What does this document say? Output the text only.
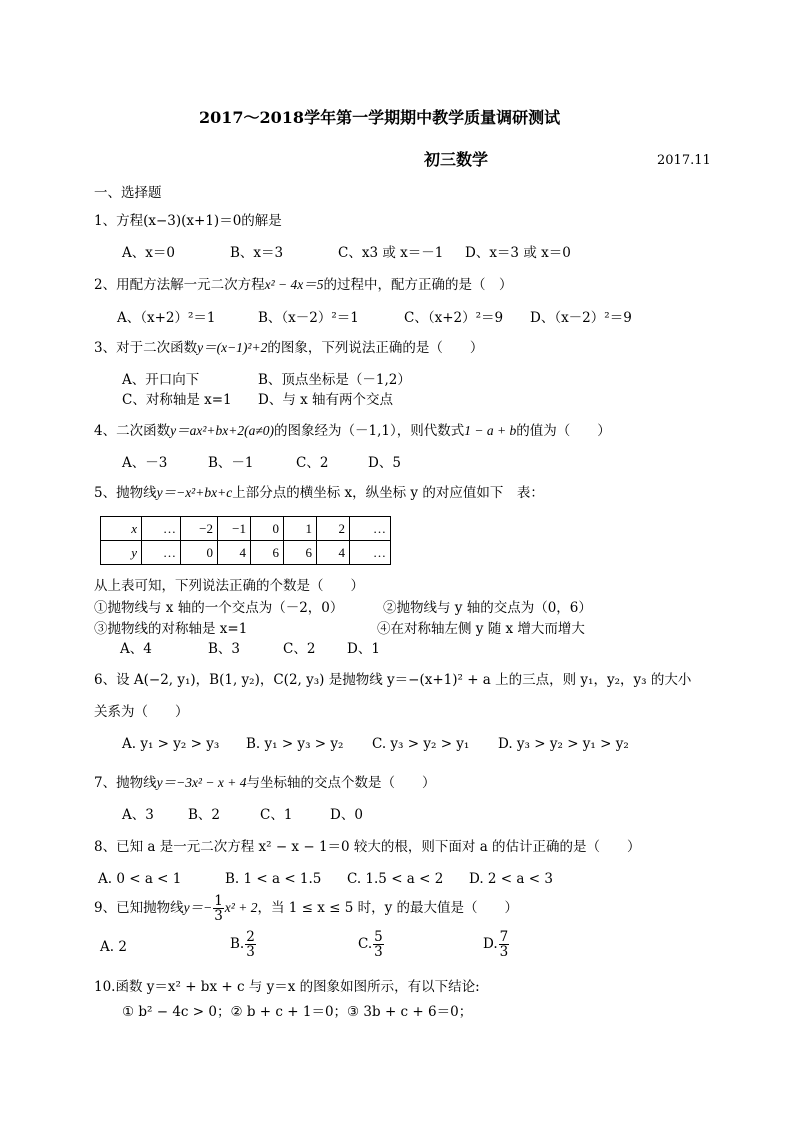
2017～2018学年第一学期期中教学质量调研测试
初三数学	2017.11
一、选择题
1、方程(x−3)(x+1)＝0的解是
A、x＝0	B、x＝3	C、x3 或 x＝－1 D、x＝3 或 x＝0
2、用配方法解一元二次方程x² − 4x＝5的过程中，配方正确的是（　）
A、（x+2）²＝1	B、（x－2）²＝1	C、（x+2）²＝9 D、（x－2）²＝9
3、对于二次函数y＝(x−1)²+2的图象，下列说法正确的是（　　）
A、开口向下	B、顶点坐标是（－1,2）
C、对称轴是 x=1 D、与 x 轴有两个交点
4、二次函数y＝ax²+bx+2(a≠0)的图象经为（－1,1），则代数式1 − a + b的值为（　　）
A、－3	B、－1	C、2	D、5
5、抛物线y＝−x²+bx+c上部分点的横坐标 x，纵坐标 y 的对应值如下　表：
x	…	−2	−1	0	1	2	…
y	…	0	4	6	6	4	…
从上表可知，下列说法正确的个数是（　　）
①抛物线与 x 轴的一个交点为（－2，0）	②抛物线与 y 轴的交点为（0，6）
③抛物线的对称轴是 x=1	④在对称轴左侧 y 随 x 增大而增大
A、4	B、3	C、2 D、1
6、设 A(−2, y₁)，B(1, y₂)，C(2, y₃) 是抛物线 y＝−(x+1)² + a 上的三点，则 y₁，y₂，y₃ 的大小
关系为（　　）
A. y₁ > y₂ > y₃ B. y₁ > y₃ > y₂ C. y₃ > y₂ > y₁ D. y₃ > y₂ > y₁ > y₂
7、抛物线y＝−3x² − x + 4与坐标轴的交点个数是（　　）
A、3	B、2	C、1	D、0
8、已知 a 是一元二次方程 x² − x − 1＝0 较大的根，则下面对 a 的估计正确的是（　　）
A. 0 < a < 1	B. 1 < a < 1.5 C. 1.5 < a < 2 D. 2 < a < 3
9、已知抛物线$y=- \frac{1}{3} x^2 + 2$，当 1 ≤ x ≤ 5 时，y 的最大值是（　　）
A. 2	B. $\frac{2}{3}$	C. $\frac{5}{3}$	D. $\frac{7}{3}$
10.函数 y＝x² + bx + c 与 y＝x 的图象如图所示，有以下结论:
① b² − 4c > 0；② b + c + 1＝0；③ 3b + c + 6＝0；
